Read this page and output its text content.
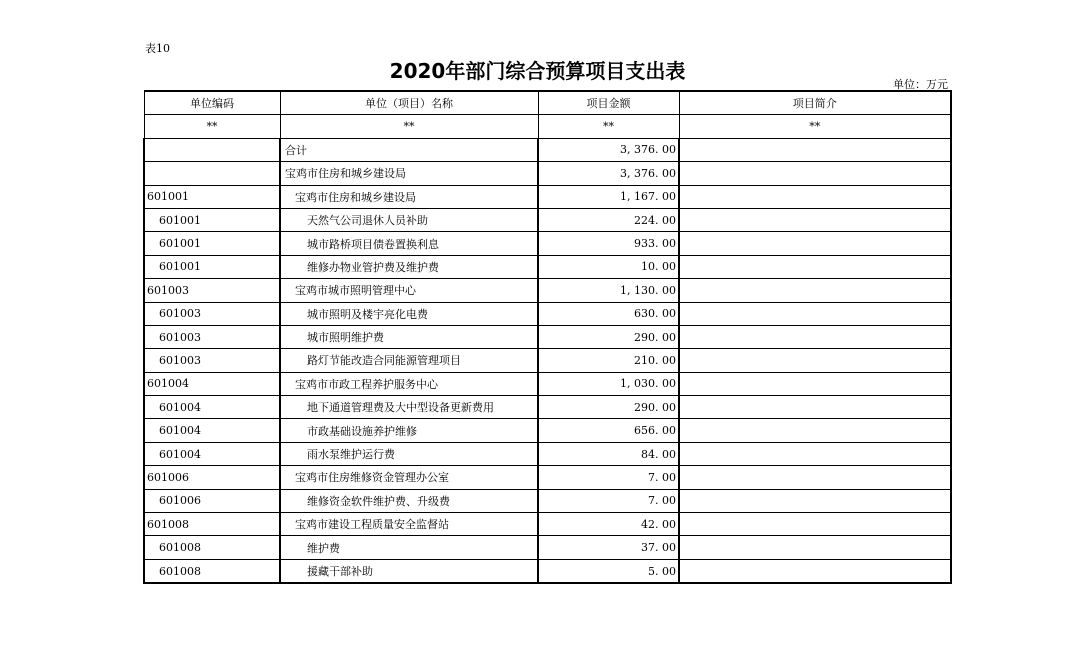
表10
2020年部门综合预算项目支出表
单位：万元
单位编码	单位（项目）名称	项目金额	项目简介
**	**	**	**
	合计	3, 376. 00	
	宝鸡市住房和城乡建设局	3, 376. 00	
601001	宝鸡市住房和城乡建设局	1, 167. 00	
601001	天然气公司退休人员补助	224. 00	
601001	城市路桥项目债卷置换利息	933. 00	
601001	维修办物业管护费及维护费	10. 00	
601003	宝鸡市城市照明管理中心	1, 130. 00	
601003	城市照明及楼宇亮化电费	630. 00	
601003	城市照明维护费	290. 00	
601003	路灯节能改造合同能源管理项目	210. 00	
601004	宝鸡市市政工程养护服务中心	1, 030. 00	
601004	地下通道管理费及大中型设备更新费用	290. 00	
601004	市政基础设施养护维修	656. 00	
601004	雨水泵维护运行费	84. 00	
601006	宝鸡市住房维修资金管理办公室	7. 00	
601006	维修资金软件维护费、升级费	7. 00	
601008	宝鸡市建设工程质量安全监督站	42. 00	
601008	维护费	37. 00	
601008	援藏干部补助	5. 00	
